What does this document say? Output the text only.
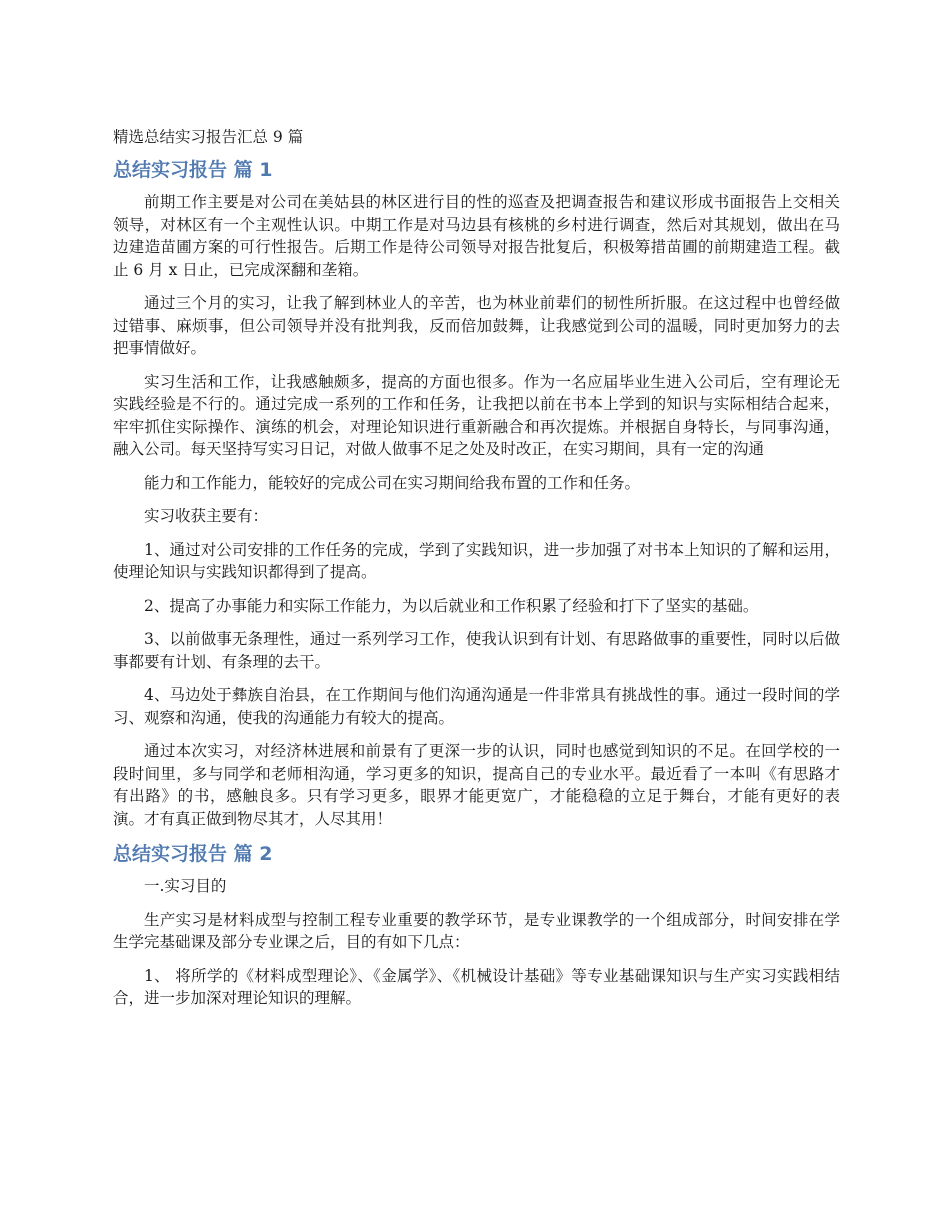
精选总结实习报告汇总 9 篇
总结实习报告 篇 1

前期工作主要是对公司在美姑县的林区进行目的性的巡查及把调查报告和建议形成书面报告上交相关领导，对林区有一个主观性认识。中期工作是对马边县有核桃的乡村进行调查，然后对其规划，做出在马边建造苗圃方案的可行性报告。后期工作是待公司领导对报告批复后，积极筹措苗圃的前期建造工程。截止 6 月 x 日止，已完成深翻和垄箱。

通过三个月的实习，让我了解到林业人的辛苦，也为林业前辈们的韧性所折服。在这过程中也曾经做过错事、麻烦事，但公司领导并没有批判我，反而倍加鼓舞，让我感觉到公司的温暖，同时更加努力的去把事情做好。

实习生活和工作，让我感触颇多，提高的方面也很多。作为一名应届毕业生进入公司后，空有理论无实践经验是不行的。通过完成一系列的工作和任务，让我把以前在书本上学到的知识与实际相结合起来，牢牢抓住实际操作、演练的机会，对理论知识进行重新融合和再次提炼。并根据自身特长，与同事沟通，融入公司。每天坚持写实习日记，对做人做事不足之处及时改正，在实习期间，具有一定的沟通

能力和工作能力，能较好的完成公司在实习期间给我布置的工作和任务。

实习收获主要有：

1、通过对公司安排的工作任务的完成，学到了实践知识，进一步加强了对书本上知识的了解和运用，使理论知识与实践知识都得到了提高。

2、提高了办事能力和实际工作能力，为以后就业和工作积累了经验和打下了坚实的基础。

3、以前做事无条理性，通过一系列学习工作，使我认识到有计划、有思路做事的重要性，同时以后做事都要有计划、有条理的去干。

4、马边处于彝族自治县，在工作期间与他们沟通沟通是一件非常具有挑战性的事。通过一段时间的学习、观察和沟通，使我的沟通能力有较大的提高。

通过本次实习，对经济林进展和前景有了更深一步的认识，同时也感觉到知识的不足。在回学校的一段时间里，多与同学和老师相沟通，学习更多的知识，提高自己的专业水平。最近看了一本叫《有思路才有出路》的书，感触良多。只有学习更多，眼界才能更宽广，才能稳稳的立足于舞台，才能有更好的表演。才有真正做到物尽其才，人尽其用！

总结实习报告 篇 2

一.实习目的

生产实习是材料成型与控制工程专业重要的教学环节，是专业课教学的一个组成部分，时间安排在学生学完基础课及部分专业课之后，目的有如下几点：

1、 将所学的《材料成型理论》、《金属学》、《机械设计基础》等专业基础课知识与生产实习实践相结合，进一步加深对理论知识的理解。
